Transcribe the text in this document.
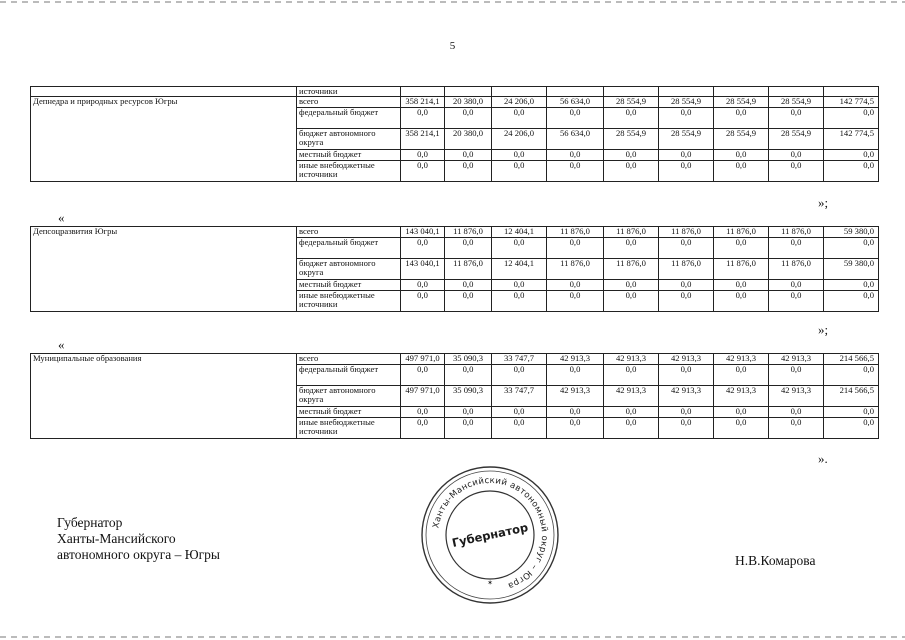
5
	источники									
Депнедра и природных ресурсов Югры	всего	358 214,1	20 380,0	24 206,0	56 634,0	28 554,9	28 554,9	28 554,9	28 554,9	142 774,5
	федеральный бюджет	0,0	0,0	0,0	0,0	0,0	0,0	0,0	0,0	0,0
	бюджет автономного округа	358 214,1	20 380,0	24 206,0	56 634,0	28 554,9	28 554,9	28 554,9	28 554,9	142 774,5
	местный бюджет	0,0	0,0	0,0	0,0	0,0	0,0	0,0	0,0	0,0
	иные внебюджетные источники	0,0	0,0	0,0	0,0	0,0	0,0	0,0	0,0	0,0
»;
«
Депсоцразвития Югры	всего	143 040,1	11 876,0	12 404,1	11 876,0	11 876,0	11 876,0	11 876,0	11 876,0	59 380,0
	федеральный бюджет	0,0	0,0	0,0	0,0	0,0	0,0	0,0	0,0	0,0
	бюджет автономного округа	143 040,1	11 876,0	12 404,1	11 876,0	11 876,0	11 876,0	11 876,0	11 876,0	59 380,0
	местный бюджет	0,0	0,0	0,0	0,0	0,0	0,0	0,0	0,0	0,0
	иные внебюджетные источники	0,0	0,0	0,0	0,0	0,0	0,0	0,0	0,0	0,0
»;
«
Муниципальные образования	всего	497 971,0	35 090,3	33 747,7	42 913,3	42 913,3	42 913,3	42 913,3	42 913,3	214 566,5
	федеральный бюджет	0,0	0,0	0,0	0,0	0,0	0,0	0,0	0,0	0,0
	бюджет автономного округа	497 971,0	35 090,3	33 747,7	42 913,3	42 913,3	42 913,3	42 913,3	42 913,3	214 566,5
	местный бюджет	0,0	0,0	0,0	0,0	0,0	0,0	0,0	0,0	0,0
	иные внебюджетные источники	0,0	0,0	0,0	0,0	0,0	0,0	0,0	0,0	0,0
».
Губернатор
Ханты-Мансийского
автономного округа – Югры
Ханты-Мансийский автономный округ – Югра
Губернатор
✶
Н.В.Комарова
